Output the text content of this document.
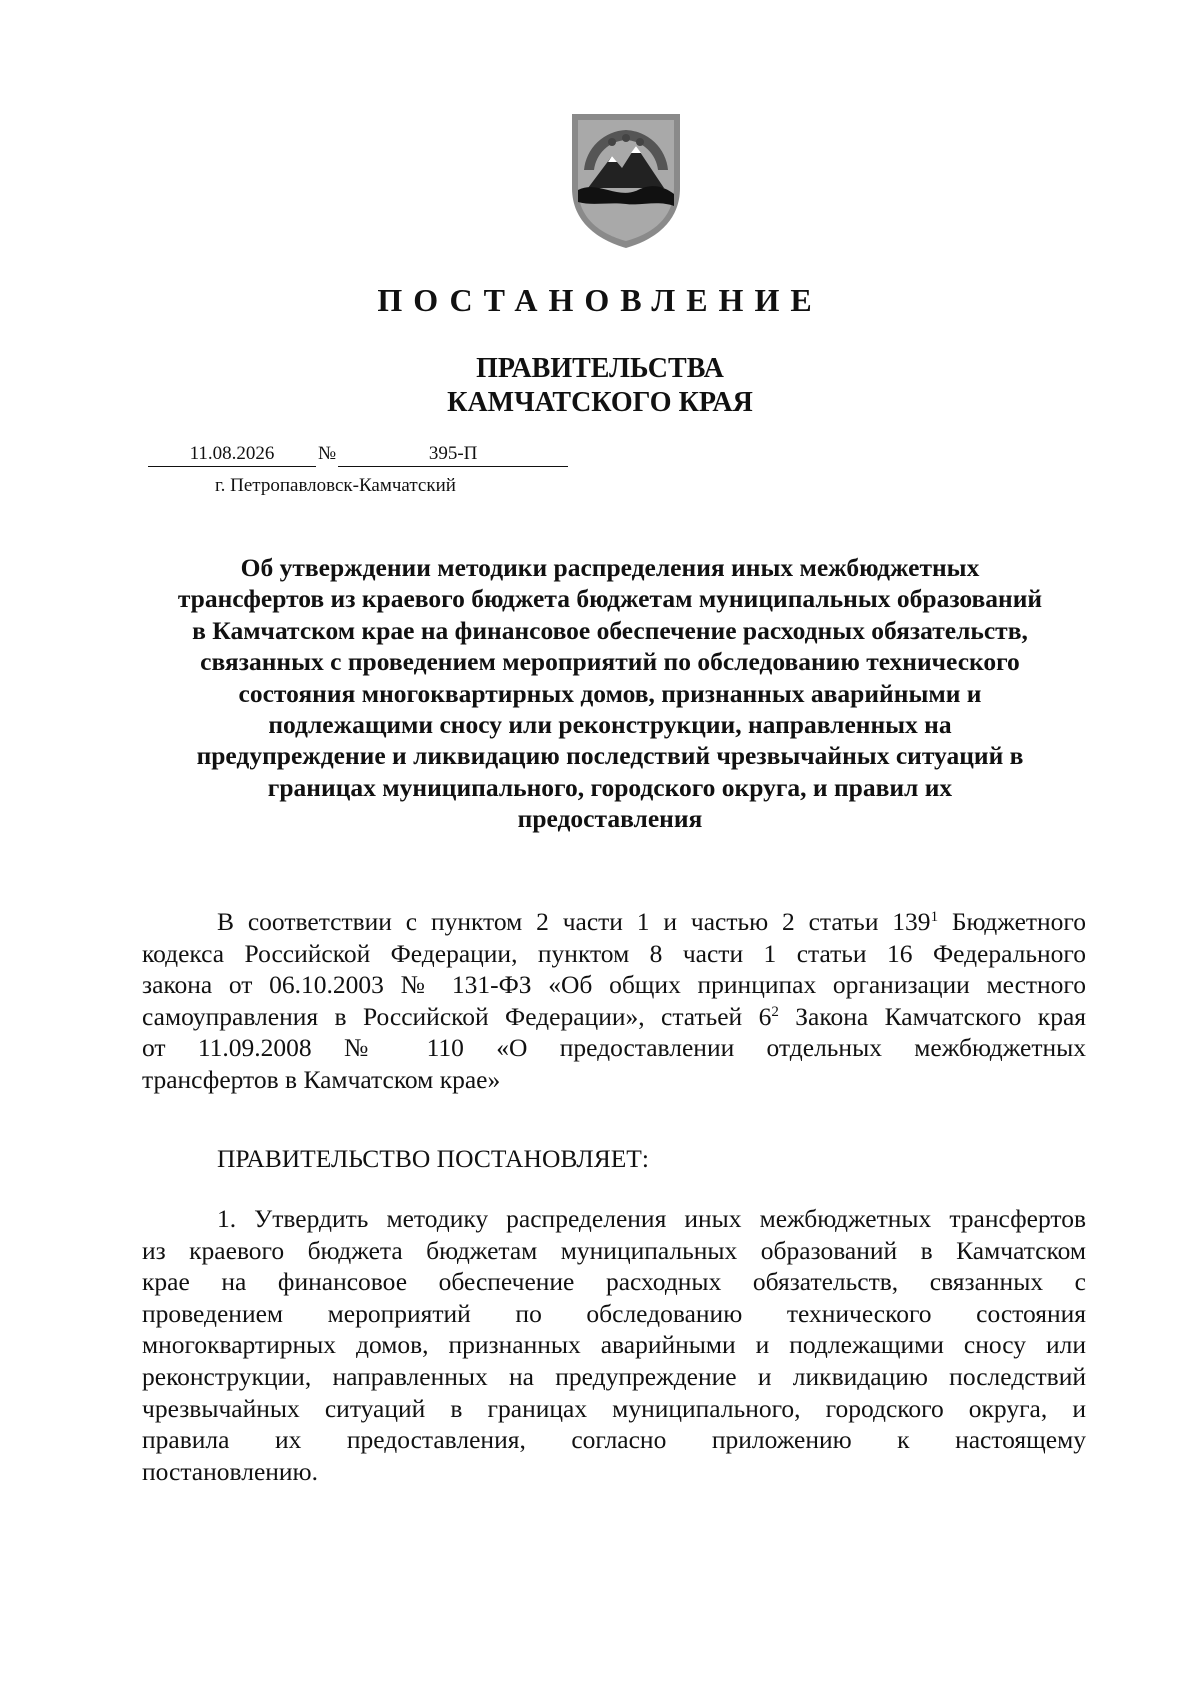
ПОСТАНОВЛЕНИЕ
ПРАВИТЕЛЬСТВА
КАМЧАТСКОГО КРАЯ
11.08.2026 №	395-П
г. Петропавловск-Камчатский
Об утверждении методики распределения иных межбюджетных
трансфертов из краевого бюджета бюджетам муниципальных образований
в Камчатском крае на финансовое обеспечение расходных обязательств,
связанных с проведением мероприятий по обследованию технического
состояния многоквартирных домов, признанных аварийными и
подлежащими сносу или реконструкции, направленных на
предупреждение и ликвидацию последствий чрезвычайных ситуаций в
границах муниципального, городского округа, и правил их
предоставления
В соответствии с пунктом 2 части 1 и частью 2 статьи $139^1$ Бюджетного
кодекса Российской Федерации, пунктом 8 части 1 статьи 16 Федерального
закона от 06.10.2003 № 131-ФЗ «Об общих принципах организации местного
самоуправления в Российской Федерации», статьей $6^2$ Закона Камчатского края
от 11.09.2008 № 110 «О предоставлении отдельных межбюджетных
трансфертов в Камчатском крае»
ПРАВИТЕЛЬСТВО ПОСТАНОВЛЯЕТ:
1. Утвердить методику распределения иных межбюджетных трансфертов
из краевого бюджета бюджетам муниципальных образований в Камчатском
крае на финансовое обеспечение расходных обязательств, связанных с
проведением мероприятий по обследованию технического состояния
многоквартирных домов, признанных аварийными и подлежащими сносу или
реконструкции, направленных на предупреждение и ликвидацию последствий
чрезвычайных ситуаций в границах муниципального, городского округа, и
правила их предоставления, согласно приложению к настоящему
постановлению.
